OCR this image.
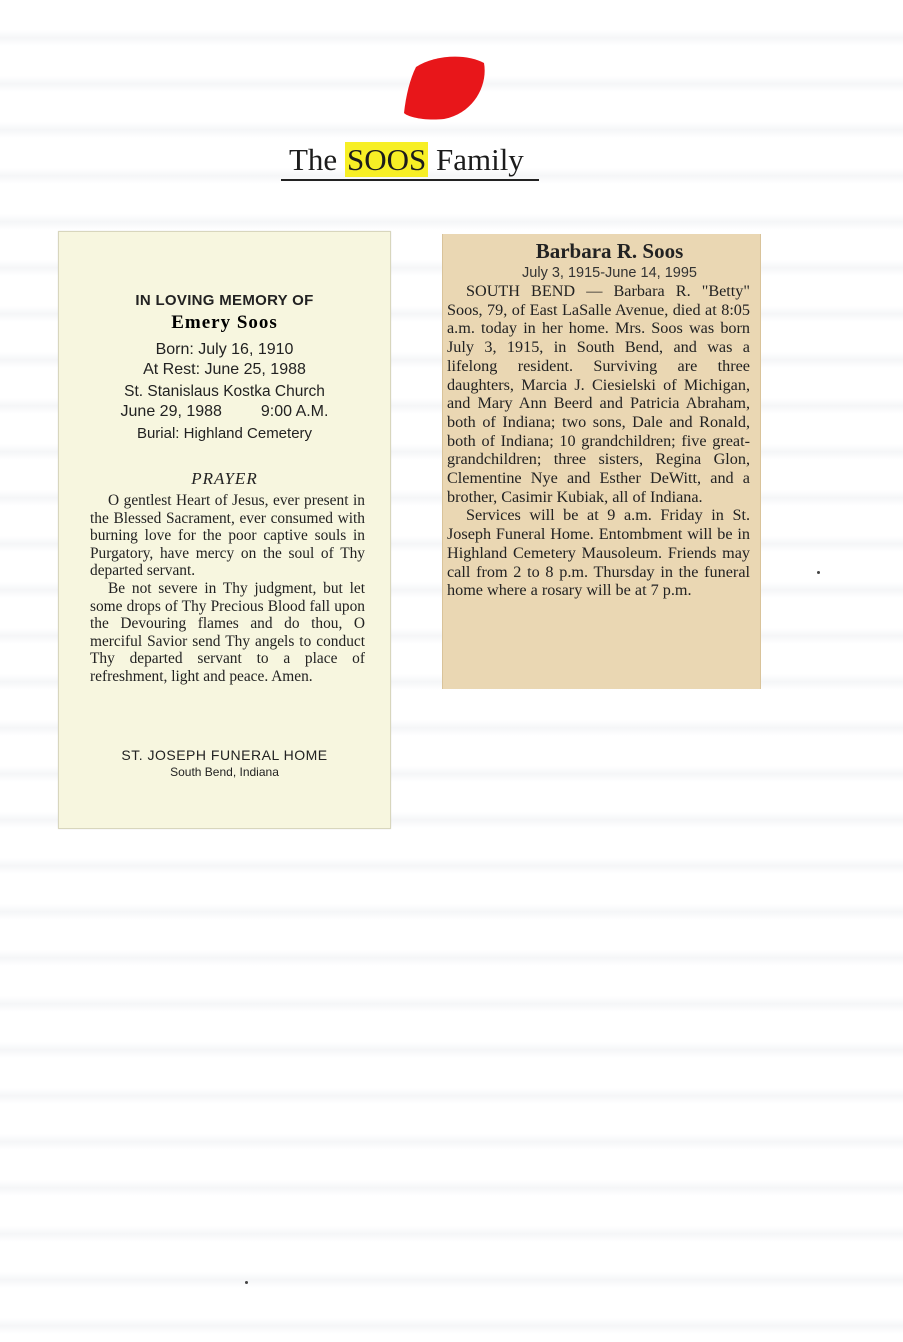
The SOOS Family
IN LOVING MEMORY OF
Emery Soos
Born: July 16, 1910
At Rest: June 25, 1988
St. Stanislaus Kostka Church
June 29, 1988 9:00 A.M.
Burial: Highland Cemetery
PRAYER

O gentlest Heart of Jesus, ever present in the Blessed Sacrament, ever consumed with burning love for the poor captive souls in Purgatory, have mercy on the soul of Thy departed servant.

Be not severe in Thy judgment, but let some drops of Thy Precious Blood fall upon the Devouring flames and do thou, O merciful Savior send Thy angels to conduct Thy departed servant to a place of refreshment, light and peace. Amen.

ST. JOSEPH FUNERAL HOME
South Bend, Indiana
Barbara R. Soos
July 3, 1915-June 14, 1995

SOUTH BEND — Barbara R. "Betty" Soos, 79, of East LaSalle Avenue, died at 8:05 a.m. today in her home. Mrs. Soos was born July 3, 1915, in South Bend, and was a lifelong resident. Surviving are three daughters, Marcia J. Ciesielski of Michigan, and Mary Ann Beerd and Patricia Abraham, both of Indiana; two sons, Dale and Ronald, both of Indiana; 10 grandchildren; five great-grandchildren; three sisters, Regina Glon, Clementine Nye and Esther DeWitt, and a brother, Casimir Kubiak, all of Indiana.

Services will be at 9 a.m. Friday in St. Joseph Funeral Home. Entombment will be in Highland Cemetery Mausoleum. Friends may call from 2 to 8 p.m. Thursday in the funeral home where a rosary will be at 7 p.m.
